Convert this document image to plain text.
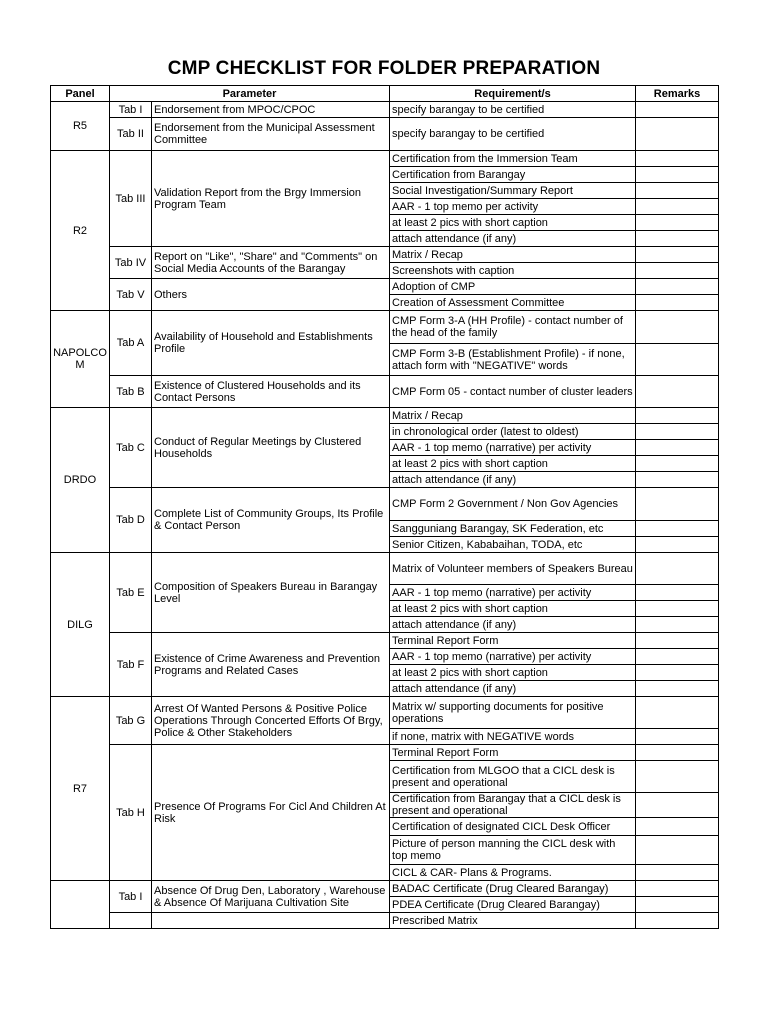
CMP CHECKLIST FOR FOLDER PREPARATION
Panel	Parameter		Requirement/s	Remarks
R5	Tab I	Endorsement from MPOC/CPOC	specify barangay to be certified	
	Tab II	Endorsement from the Municipal Assessment Committee	specify barangay to be certified	
R2	Tab III	Validation Report from the Brgy Immersion Program Team	Certification from the Immersion Team	
			Certification from Barangay	
			Social Investigation/Summary Report	
			AAR - 1 top memo per activity	
			at least 2 pics with short caption	
			attach attendance (if any)	
	Tab IV	Report on "Like", "Share" and "Comments" on Social Media Accounts of the Barangay	Matrix / Recap	
			Screenshots with caption	
	Tab V	Others	Adoption of CMP	
			Creation of Assessment Committee	
NAPOLCO M	Tab A	Availability of Household and Establishments Profile	CMP Form 3-A (HH Profile) - contact number of the head of the family	
			CMP Form 3-B (Establishment Profile) - if none, attach form with "NEGATIVE" words	
	Tab B	Existence of Clustered Households and its Contact Persons	CMP Form 05 - contact number of cluster leaders	
DRDO	Tab C	Conduct of Regular Meetings by Clustered Households	Matrix / Recap	
			in chronological order (latest to oldest)	
			AAR - 1 top memo (narrative) per activity	
			at least 2 pics with short caption	
			attach attendance (if any)	
	Tab D	Complete List of Community Groups, Its Profile & Contact Person	CMP Form 2 Government / Non Gov Agencies	
			Sangguniang Barangay, SK Federation, etc	
			Senior Citizen, Kababaihan, TODA, etc	
DILG	Tab E	Composition of Speakers Bureau in Barangay Level	Matrix of Volunteer members of Speakers Bureau	
			AAR - 1 top memo (narrative) per activity	
			at least 2 pics with short caption	
			attach attendance (if any)	
	Tab F	Existence of Crime Awareness and Prevention Programs and Related Cases	Terminal Report Form	
			AAR - 1 top memo (narrative) per activity	
			at least 2 pics with short caption	
			attach attendance (if any)	
R7	Tab G	Arrest Of Wanted Persons & Positive Police Operations Through Concerted Efforts Of Brgy, Police & Other Stakeholders	Matrix w/ supporting documents for positive operations	
			if none, matrix with NEGATIVE words	
	Tab H	Presence Of Programs For Cicl And Children At Risk	Terminal Report Form	
			Certification from MLGOO that a CICL desk is present and operational	
			Certification from Barangay that a CICL desk is present and operational	
			Certification of designated CICL Desk Officer	
			Picture of person manning the CICL desk with top memo	
			CICL & CAR- Plans & Programs.	
	Tab I	Absence Of Drug Den, Laboratory , Warehouse & Absence Of Marijuana Cultivation Site	BADAC Certificate (Drug Cleared Barangay)	
			PDEA Certificate (Drug Cleared Barangay)	
			Prescribed Matrix	
